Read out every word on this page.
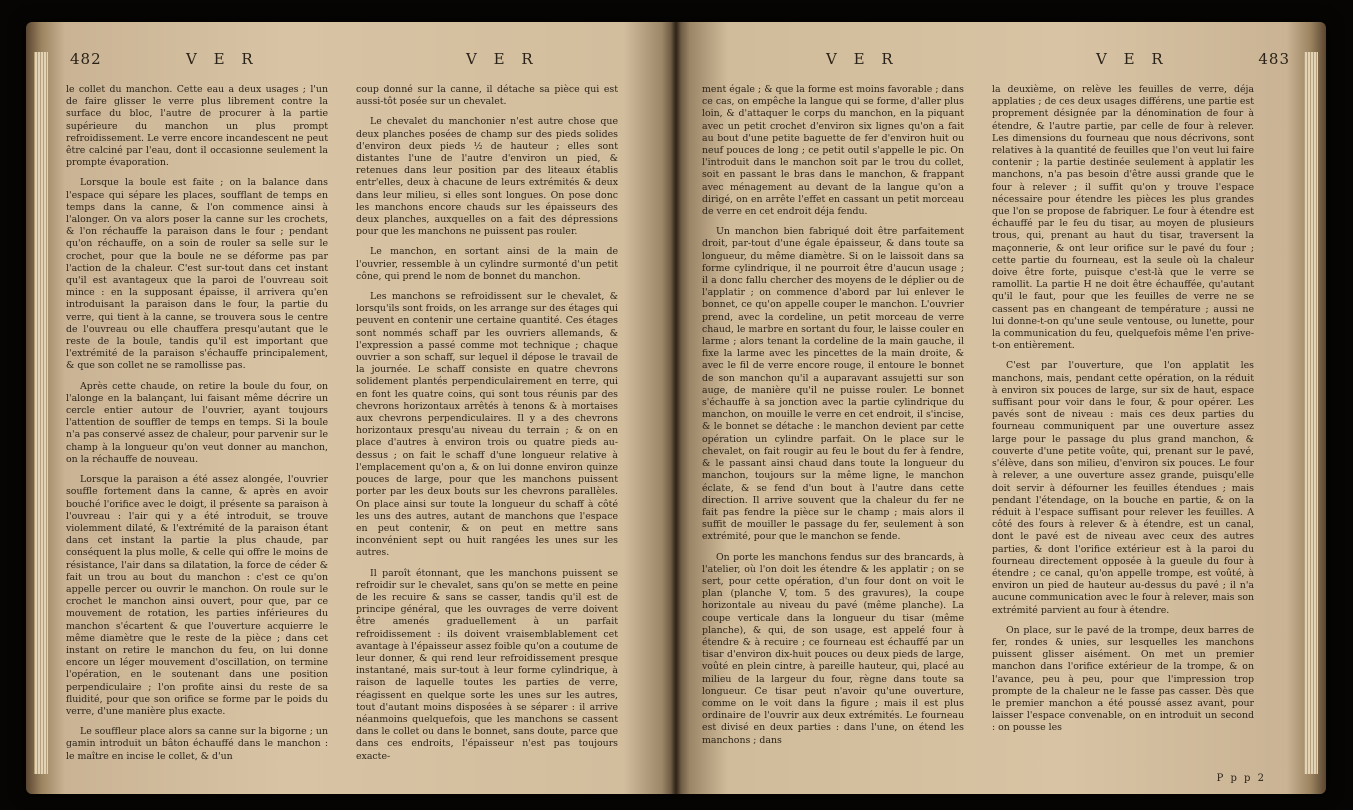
482	V E R	V E R

le collet du manchon. Cette eau a deux usages ; l'un de faire glisser le verre plus librement contre la surface du bloc, l'autre de procurer à la partie supérieure du manchon un plus prompt refroidissement. Le verre encore incandescent ne peut être calciné par l'eau, dont il occasionne seulement la prompte évaporation.

Lorsque la boule est faite ; on la balance dans l'espace qui sépare les places, soufflant de temps en temps dans la canne, & l'on commence ainsi à l'alonger. On va alors poser la canne sur les crochets, & l'on réchauffe la paraison dans le four ; pendant qu'on réchauffe, on a soin de rouler sa selle sur le crochet, pour que la boule ne se déforme pas par l'action de la chaleur. C'est sur-tout dans cet instant qu'il est avantageux que la paroi de l'ouvreau soit mince : en la supposant épaisse, il arrivera qu'en introduisant la paraison dans le four, la partie du verre, qui tient à la canne, se trouvera sous le centre de l'ouvreau ou elle chauffera presqu'autant que le reste de la boule, tandis qu'il est important que l'extrémité de la paraison s'échauffe principalement, & que son collet ne se ramollisse pas.

Après cette chaude, on retire la boule du four, on l'alonge en la balançant, lui faisant même décrire un cercle entier autour de l'ouvrier, ayant toujours l'attention de souffler de temps en temps. Si la boule n'a pas conservé assez de chaleur, pour parvenir sur le champ à la longueur qu'on veut donner au manchon, on la réchauffe de nouveau.

Lorsque la paraison a été assez alongée, l'ouvrier souffle fortement dans la canne, & après en avoir bouché l'orifice avec le doigt, il présente sa paraison à l'ouvreau : l'air qui y a été introduit, se trouve violemment dilaté, & l'extrémité de la paraison étant dans cet instant la partie la plus chaude, par conséquent la plus molle, & celle qui offre le moins de résistance, l'air dans sa dilatation, la force de céder & fait un trou au bout du manchon : c'est ce qu'on appelle percer ou ouvrir le manchon. On roule sur le crochet le manchon ainsi ouvert, pour que, par ce mouvement de rotation, les parties inférieures du manchon s'écartent & que l'ouverture acquierre le même diamètre que le reste de la pièce ; dans cet instant on retire le manchon du feu, on lui donne encore un léger mouvement d'oscillation, on termine l'opération, en le soutenant dans une position perpendiculaire ; l'on profite ainsi du reste de sa fluidité, pour que son orifice se forme par le poids du verre, d'une manière plus exacte.

Le souffleur place alors sa canne sur la bigorne ; un gamin introduit un bâton échauffé dans le manchon : le maître en incise le collet, & d'un

coup donné sur la canne, il détache sa pièce qui est aussi-tôt posée sur un chevalet.

Le chevalet du manchonier n'est autre chose que deux planches posées de champ sur des pieds solides d'environ deux pieds ½ de hauteur ; elles sont distantes l'une de l'autre d'environ un pied, & retenues dans leur position par des liteaux établis entr'elles, deux à chacune de leurs extrémités & deux dans leur milieu, si elles sont longues. On pose donc les manchons encore chauds sur les épaisseurs des deux planches, auxquelles on a fait des dépressions pour que les manchons ne puissent pas rouler.

Le manchon, en sortant ainsi de la main de l'ouvrier, ressemble à un cylindre surmonté d'un petit cône, qui prend le nom de bonnet du manchon.

Les manchons se refroidissent sur le chevalet, & lorsqu'ils sont froids, on les arrange sur des étages qui peuvent en contenir une certaine quantité. Ces étages sont nommés schaff par les ouvriers allemands, & l'expression a passé comme mot technique ; chaque ouvrier a son schaff, sur lequel il dépose le travail de la journée. Le schaff consiste en quatre chevrons solidement plantés perpendiculairement en terre, qui en font les quatre coins, qui sont tous réunis par des chevrons horizontaux arrêtés à tenons & à mortaises aux chevrons perpendiculaires. Il y a des chevrons horizontaux presqu'au niveau du terrain ; & on en place d'autres à environ trois ou quatre pieds au-dessus ; on fait le schaff d'une longueur relative à l'emplacement qu'on a, & on lui donne environ quinze pouces de large, pour que les manchons puissent porter par les deux bouts sur les chevrons parallèles. On place ainsi sur toute la longueur du schaff à côté les uns des autres, autant de manchons que l'espace en peut contenir, & on peut en mettre sans inconvénient sept ou huit rangées les unes sur les autres.

Il paroît étonnant, que les manchons puissent se refroidir sur le chevalet, sans qu'on se mette en peine de les recuire & sans se casser, tandis qu'il est de principe général, que les ouvrages de verre doivent être amenés graduellement à un parfait refroidissement : ils doivent vraisemblablement cet avantage à l'épaisseur assez foible qu'on a coutume de leur donner, & qui rend leur refroidissement presque instantané, mais sur-tout à leur forme cylindrique, à raison de laquelle toutes les parties de verre, réagissent en quelque sorte les unes sur les autres, tout d'autant moins disposées à se séparer : il arrive néanmoins quelquefois, que les manchons se cassent dans le collet ou dans le bonnet, sans doute, parce que dans ces endroits, l'épaisseur n'est pas toujours exacte-

V E R	V E R	483

ment égale ; & que la forme est moins favorable ; dans ce cas, on empêche la langue qui se forme, d'aller plus loin, & d'attaquer le corps du manchon, en la piquant avec un petit crochet d'environ six lignes qu'on a fait au bout d'une petite baguette de fer d'environ huit ou neuf pouces de long ; ce petit outil s'appelle le pic. On l'introduit dans le manchon soit par le trou du collet, soit en passant le bras dans le manchon, & frappant avec ménagement au devant de la langue qu'on a dirigé, on en arrête l'effet en cassant un petit morceau de verre en cet endroit déja fendu.

Un manchon bien fabriqué doit être parfaitement droit, par-tout d'une égale épaisseur, & dans toute sa longueur, du même diamètre. Si on le laissoit dans sa forme cylindrique, il ne pourroit être d'aucun usage ; il a donc fallu chercher des moyens de le déplier ou de l'applatir ; on commence d'abord par lui enlever le bonnet, ce qu'on appelle couper le manchon. L'ouvrier prend, avec la cordeline, un petit morceau de verre chaud, le marbre en sortant du four, le laisse couler en larme ; alors tenant la cordeline de la main gauche, il fixe la larme avec les pincettes de la main droite, & avec le fil de verre encore rouge, il entoure le bonnet de son manchon qu'il a auparavant assujetti sur son auge, de manière qu'il ne puisse rouler. Le bonnet s'échauffe à sa jonction avec la partie cylindrique du manchon, on mouille le verre en cet endroit, il s'incise, & le bonnet se détache : le manchon devient par cette opération un cylindre parfait. On le place sur le chevalet, on fait rougir au feu le bout du fer à fendre, & le passant ainsi chaud dans toute la longueur du manchon, toujours sur la même ligne, le manchon éclate, & se fend d'un bout à l'autre dans cette direction. Il arrive souvent que la chaleur du fer ne fait pas fendre la pièce sur le champ ; mais alors il suffit de mouiller le passage du fer, seulement à son extrémité, pour que le manchon se fende.

On porte les manchons fendus sur des brancards, à l'atelier, où l'on doit les étendre & les applatir ; on se sert, pour cette opération, d'un four dont on voit le plan (planche V, tom. 5 des gravures), la coupe horizontale au niveau du pavé (même planche). La coupe verticale dans la longueur du tisar (même planche), & qui, de son usage, est appelé four à étendre & à recuire ; ce fourneau est échauffé par un tisar d'environ dix-huit pouces ou deux pieds de large, voûté en plein cintre, à pareille hauteur, qui, placé au milieu de la largeur du four, règne dans toute sa longueur. Ce tisar peut n'avoir qu'une ouverture, comme on le voit dans la figure ; mais il est plus ordinaire de l'ouvrir aux deux extrémités. Le fourneau est divisé en deux parties : dans l'une, on étend les manchons ; dans

la deuxième, on relève les feuilles de verre, déja applaties ; de ces deux usages différens, une partie est proprement désignée par la dénomination de four à étendre, & l'autre partie, par celle de four à relever. Les dimensions du fourneau que nous décrivons, sont relatives à la quantité de feuilles que l'on veut lui faire contenir ; la partie destinée seulement à applatir les manchons, n'a pas besoin d'être aussi grande que le four à relever ; il suffit qu'on y trouve l'espace nécessaire pour étendre les pièces les plus grandes que l'on se propose de fabriquer. Le four à étendre est échauffé par le feu du tisar, au moyen de plusieurs trous, qui, prenant au haut du tisar, traversent la maçonnerie, & ont leur orifice sur le pavé du four ; cette partie du fourneau, est la seule où la chaleur doive être forte, puisque c'est-là que le verre se ramollit. La partie H ne doit être échauffée, qu'autant qu'il le faut, pour que les feuilles de verre ne se cassent pas en changeant de température ; aussi ne lui donne-t-on qu'une seule ventouse, ou lunette, pour la communication du feu, quelquefois même l'en prive-t-on entièrement.

C'est par l'ouverture, que l'on applatit les manchons, mais, pendant cette opération, on la réduit à environ six pouces de large, sur six de haut, espace suffisant pour voir dans le four, & pour opérer. Les pavés sont de niveau : mais ces deux parties du fourneau communiquent par une ouverture assez large pour le passage du plus grand manchon, & couverte d'une petite voûte, qui, prenant sur le pavé, s'élève, dans son milieu, d'environ six pouces. Le four à relever, a une ouverture assez grande, puisqu'elle doit servir à défourner les feuilles étendues ; mais pendant l'étendage, on la bouche en partie, & on la réduit à l'espace suffisant pour relever les feuilles. A côté des fours à relever & à étendre, est un canal, dont le pavé est de niveau avec ceux des autres parties, & dont l'orifice extérieur est à la paroi du fourneau directement opposée à la gueule du four à étendre ; ce canal, qu'on appelle trompe, est voûté, à environ un pied de hauteur au-dessus du pavé ; il n'a aucune communication avec le four à relever, mais son extrémité parvient au four à étendre.

On place, sur le pavé de la trompe, deux barres de fer, rondes & unies, sur lesquelles les manchons puissent glisser aisément. On met un premier manchon dans l'orifice extérieur de la trompe, & on l'avance, peu à peu, pour que l'impression trop prompte de la chaleur ne le fasse pas casser. Dès que le premier manchon a été poussé assez avant, pour laisser l'espace convenable, on en introduit un second : on pousse les

P p p 2
